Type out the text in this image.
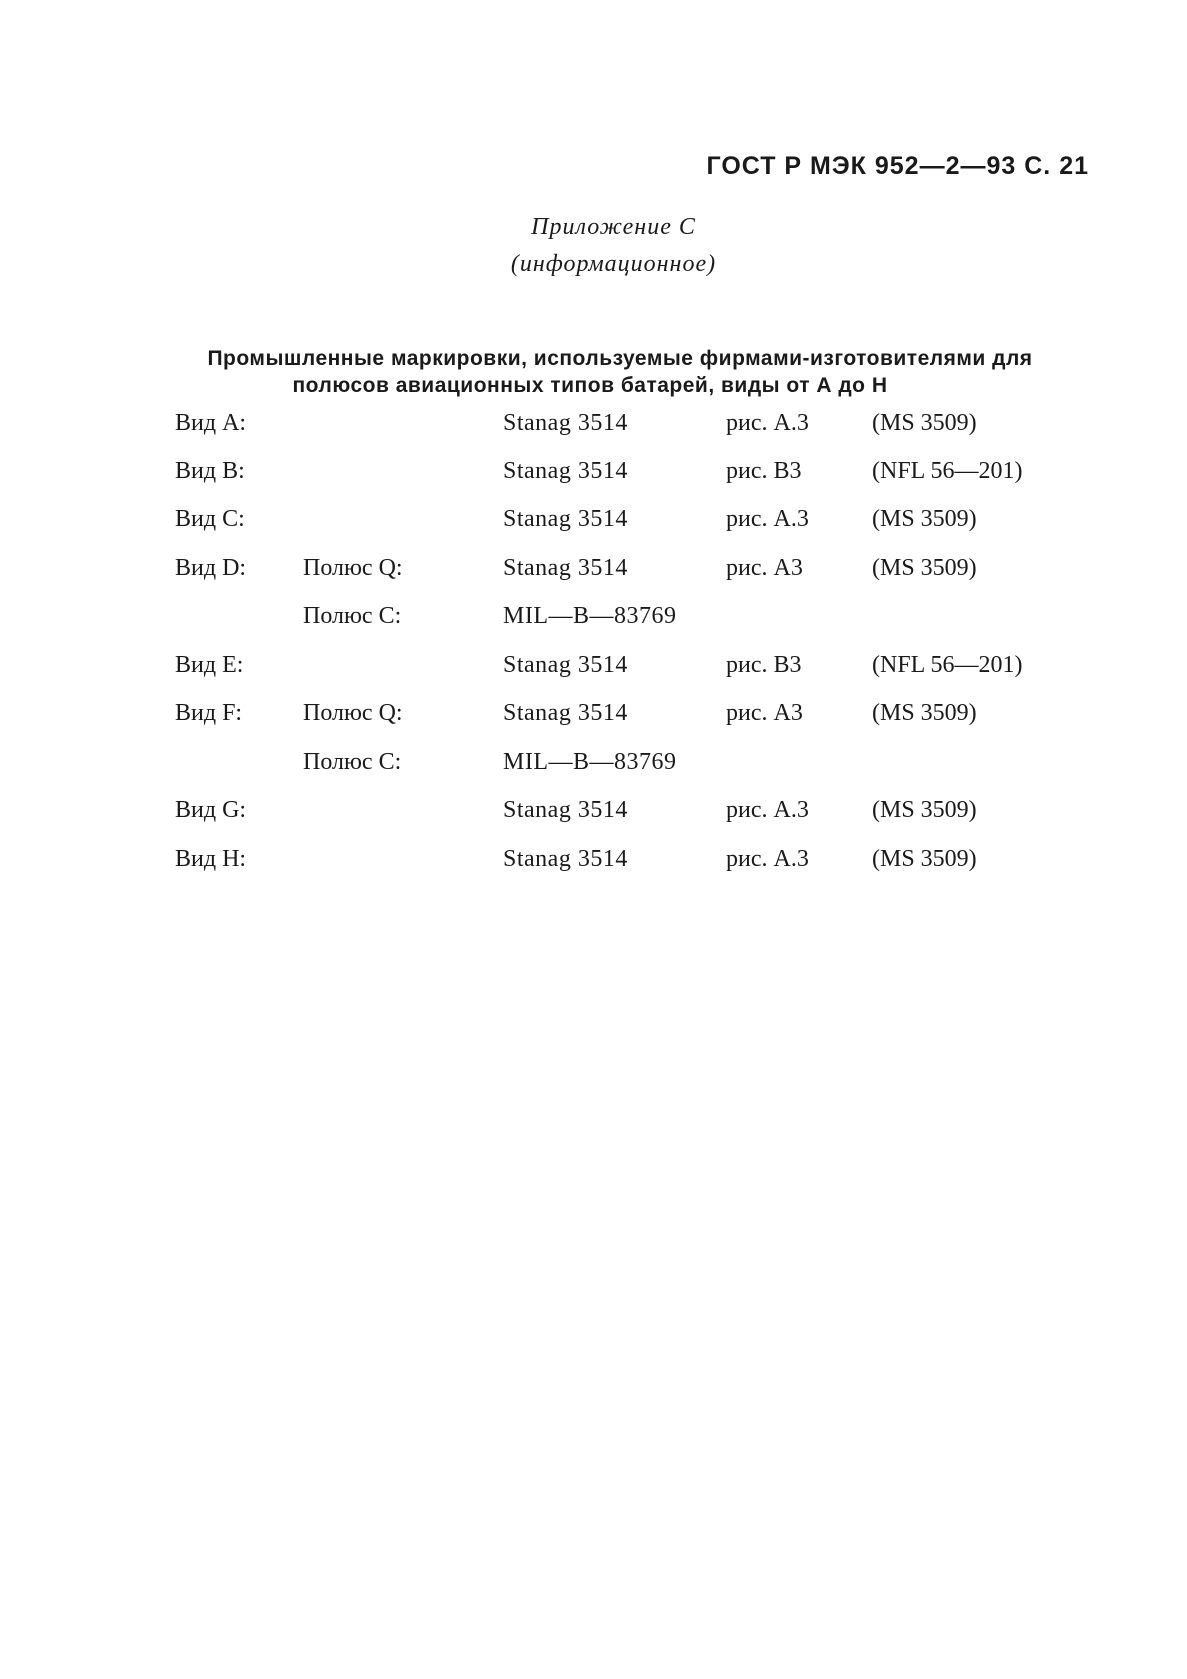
ГОСТ Р МЭК 952—2—93 С. 21
Приложение С
(информационное)
Промышленные маркировки, используемые фирмами-изготовителями для
полюсов авиационных типов батарей, виды от А до Н
Вид А:	Stanag 3514	рис. А.3	(MS 3509)
Вид В:	Stanag 3514	рис. В3	(NFL 56—201)
Вид С:	Stanag 3514	рис. А.3	(MS 3509)
Вид D: Полюс Q:	Stanag 3514	рис. А3	(MS 3509)
Полюс С:	MIL—B—83769
Вид Е:	Stanag 3514	рис. В3	(NFL 56—201)
Вид F:	Полюс Q:	Stanag 3514	рис. А3	(MS 3509)
Полюс С:	MIL—B—83769
Вид G:	Stanag 3514	рис. А.3	(MS 3509)
Вид Н:	Stanag 3514	рис. А.3	(MS 3509)
